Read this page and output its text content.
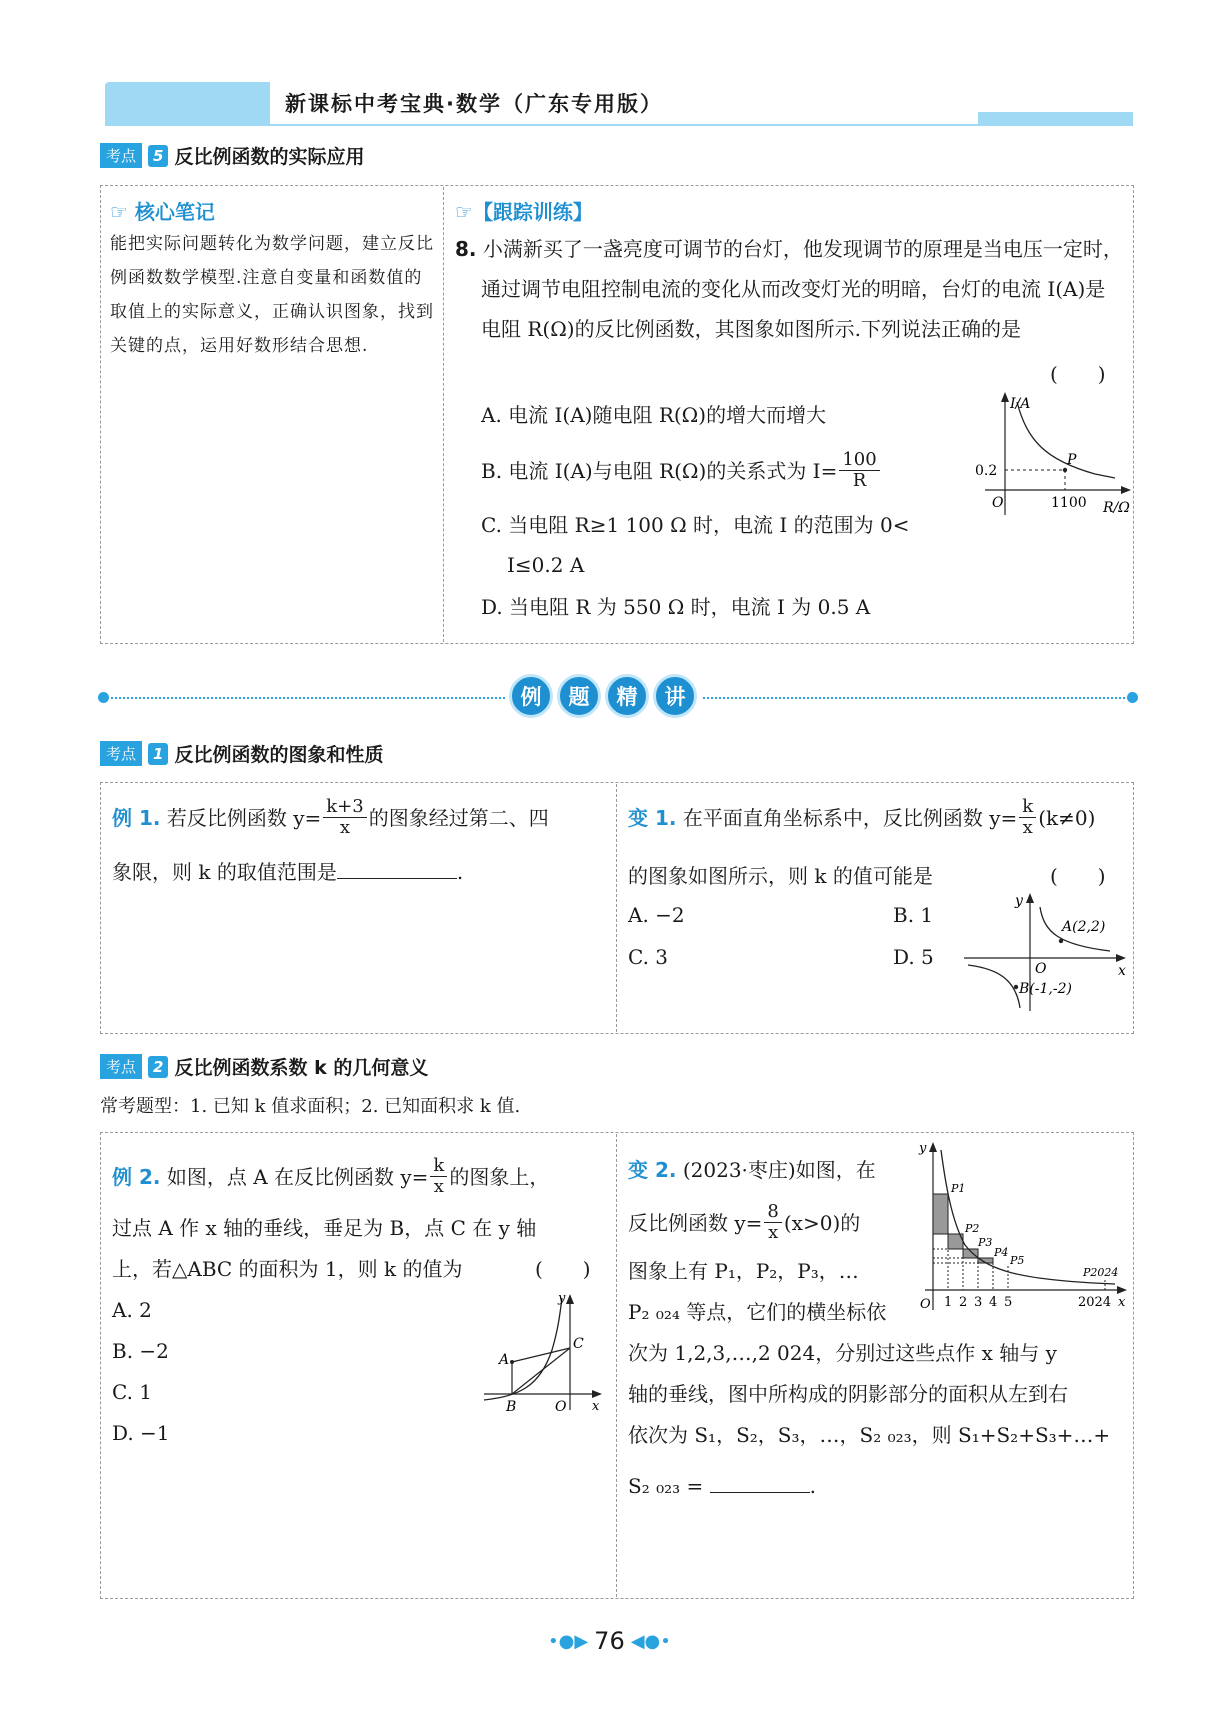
新课标中考宝典·数学（广东专用版）
考点	5 反比例函数的实际应用
☞ 核心笔记
能把实际问题转化为数学问题，建立反比例函数数学模型.注意自变量和函数值的取值上的实际意义，正确认识图象，找到关键的点，运用好数形结合思想.
☞【跟踪训练】
8. 小满新买了一盏亮度可调节的台灯，他发现调节的原理是当电压一定时，通过调节电阻控制电流的变化从而改变灯光的明暗，台灯的电流 I(A)是电阻 R(Ω)的反比例函数，其图象如图所示.下列说法正确的是
(　　)
A. 电流 I(A)随电阻 R(Ω)的增大而增大
B. 电流 I(A)与电阻 R(Ω)的关系式为 $I= \frac{100}{R}$
C. 当电阻 R≥1 100 Ω 时，电流 I 的范围为 0<
I≤0.2 A
D. 当电阻 R 为 550 Ω 时，电流 I 为 0.5 A
I/A
R/Ω
0.2
1100
O
P
例	题	精	讲
考点	1 反比例函数的图象和性质
例 1.
若反比例函数 $y= \frac{k+3}{x}$ 的图象经过第二、四
象限，则 k 的取值范围是	.
变 1.
在平面直角坐标系中，反比例函数 $y= \frac{k}{x} (k\ne 0)$
的图象如图所示，则 k 的值可能是	(　　)
A. −2	B. 1
C. 3	D. 5
y
x
O
A(2,2)
B(-1,-2)
考点	2 反比例函数系数 k 的几何意义
常考题型：1. 已知 k 值求面积；2. 已知面积求 k 值.
例 2.
如图，点 A 在反比例函数 $y= \frac{k}{x}$ 的图象上，
过点 A 作 x 轴的垂线，垂足为 B，点 C 在 y 轴
上，若△ABC 的面积为 1，则 k 的值为	(　　)
A. 2
B. −2
C. 1
D. −1
y
x
A
B
C
O
变 2. (2023·枣庄)如图，在
反比例函数 $y= \frac{8}{x} (x>0)$的
图象上有 P₁，P₂，P₃，…
P₂ ₀₂₄ 等点，它们的横坐标依
次为 1,2,3,…,2 024，分别过这些点作 x 轴与 y
轴的垂线，图中所构成的阴影部分的面积从左到右
依次为 S₁，S₂，S₃，…，S₂ ₀₂₃，则 S₁+S₂+S₃+…+
S₂ ₀₂₃ =	.
y
x
O 1 2 3 4 5	2024
P1
P2
P3
P4
P5
P2024
•●▶ 76 ◀●•
